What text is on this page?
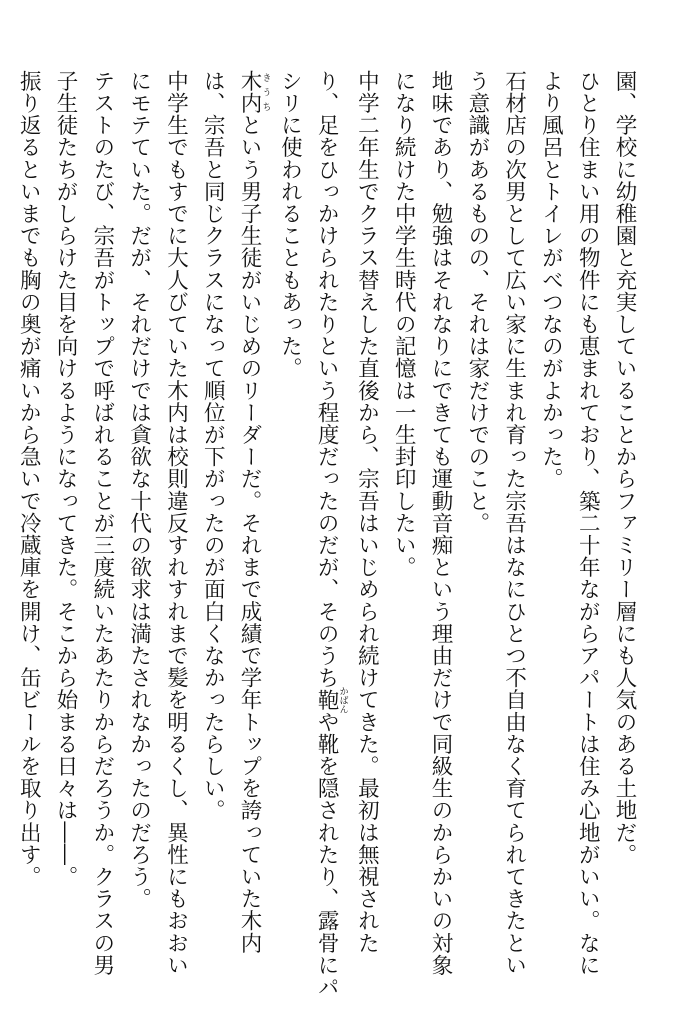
園、学校に幼稚園と充実していることからファミリー層にも人気のある土地だ。
ひとり住まい用の物件にも恵まれており、築二十年ながらアパートは住み心地がいい。なに
より風呂とトイレがべつなのがよかった。
石材店の次男として広い家に生まれ育った宗吾はなにひとつ不自由なく育てられてきたとい
う意識があるものの、それは家だけでのこと。
地味であり、勉強はそれなりにできても運動音痴という理由だけで同級生のからかいの対象
になり続けた中学生時代の記憶は一生封印したい。
中学二年生でクラス替えした直後から、宗吾はいじめられ続けてきた。最初は無視された
り、足をひっかけられたりという程度だったのだが、そのうち鞄かばんや靴を隠されたり、露骨にパ
シリに使われることもあった。
木内きうちという男子生徒がいじめのリーダーだ。それまで成績で学年トップを誇っていた木内
は、宗吾と同じクラスになって順位が下がったのが面白くなかったらしい。
中学生でもすでに大人びていた木内は校則違反すれすれまで髪を明るくし、異性にもおおい
にモテていた。だが、それだけでは貪欲な十代の欲求は満たされなかったのだろう。
テストのたび、宗吾がトップで呼ばれることが三度続いたあたりからだろうか。クラスの男
子生徒たちがしらけた目を向けるようになってきた。そこから始まる日々は――。
振り返るといまでも胸の奥が痛いから急いで冷蔵庫を開け、缶ビールを取り出す。
